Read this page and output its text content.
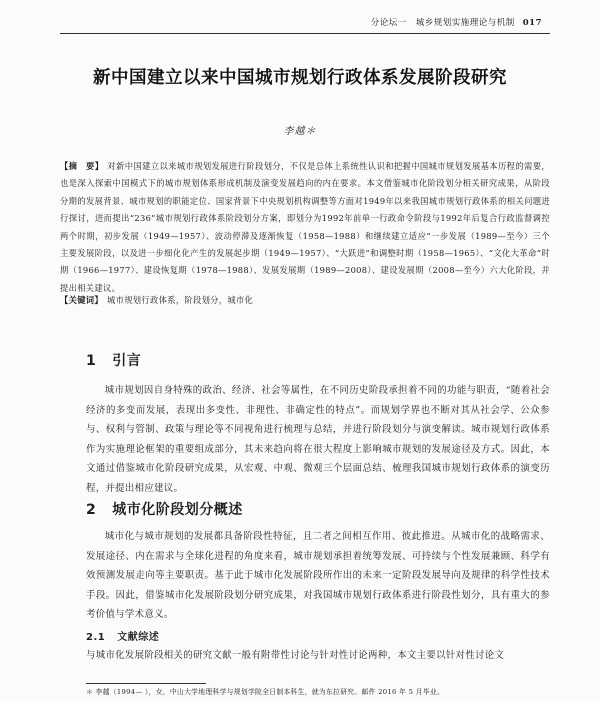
分论坛一　城乡规划实施理论与机制 017
新中国建立以来中国城市规划行政体系发展阶段研究
李越＊
【摘　要】 对新中国建立以来城市规划发展进行阶段划分，不仅是总体上系统性认识和把握中国城市规划发展基本历程的需要，也是深入探索中国模式下的城市规划体系形成机制及演变发展趋向的内在要求。本文借鉴城市化阶段划分相关研究成果，从阶段分期的发展背景、城市规划的职能定位、国家背景下中央规划机构调整等方面对1949年以来我国城市规划行政体系的相关问题进行探讨，进而提出“236”城市规划行政体系阶段划分方案，即划分为1992年前单一行政命令阶段与1992年后复合行政监督调控两个时期，初步发展（1949—1957）、波动停滞及逐渐恢复（1958—1988）和继续建立适应“一步发展（1989—至今）三个主要发展阶段，以及进一步细化化产生的发展起步期（1949—1957）、“大跃进”和调整时期（1958—1965）、“文化大革命”时期（1966—1977）、建设恢复期（1978—1988）、发展发展期（1989—2008）、建设发展期（2008—至今）六大化阶段，并提出相关建议。
【关键词】 城市规划行政体系，阶段划分，城市化
1 引言
城市规划因自身特殊的政治、经济、社会等属性，在不同历史阶段承担着不同的功能与职责，“随着社会经济的多变而发展，表现出多变性、非理性、非确定性的特点”。而规划学界也不断对其从社会学、公众参与、权利与管制、政策与理论等不同视角进行梳理与总结，并进行阶段划分与演变解读。城市规划行政体系作为实施理论框架的重要组成部分，其未来趋向将在很大程度上影响城市规划的发展途径及方式。因此，本文通过借鉴城市化阶段研究成果，从宏观、中观、微观三个层面总结、梳理我国城市规划行政体系的演变历程，并提出相应建议。
2 城市化阶段划分概述
城市化与城市规划的发展都具备阶段性特征，且二者之间相互作用、彼此推进。从城市化的战略需求、发展途径、内在需求与全球化进程的角度来看，城市规划承担着统筹发展、可持续与个性发展兼顾、科学有效预测发展走向等主要职责。基于此于城市化发展阶段所作出的未来一定阶段发展导向及规律的科学性技术手段。因此，借鉴城市化发展阶段划分研究成果，对我国城市规划行政体系进行阶段性划分，具有重大的参考价值与学术意义。
2.1 文献综述
与城市化发展阶段相关的研究文献一般有附带性讨论与针对性讨论两种，本文主要以针对性讨论文
＊ 李越（1994— ），女，中山大学地理科学与规划学院全日制本科生，就为东拉研究。邮件 2016 年 5 月毕业。
